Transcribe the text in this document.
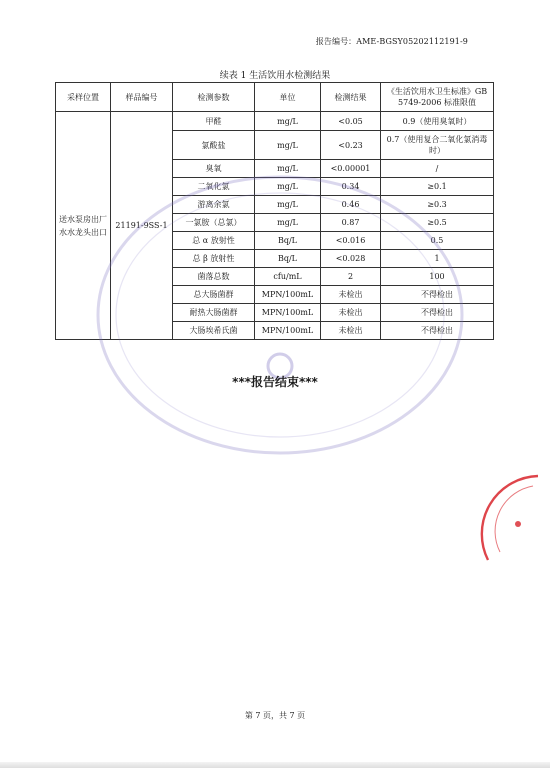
报告编号：AME-BGSY05202112191-9
续表 1 生活饮用水检测结果
采样位置	样品编号	检测参数	单位	检测结果	《生活饮用水卫生标准》GB 5749-2006 标准限值
送水泵房出厂水水龙头出口	21191-9SS-1	甲醛	mg/L	<0.05	0.9（使用臭氧时）
		氯酸盐	mg/L	<0.23	0.7（使用复合二氧化氯消毒时）
		臭氧	mg/L	<0.00001	/
		二氧化氯	mg/L	0.34	≥0.1
		游离余氯	mg/L	0.46	≥0.3
		一氯胺（总氯）	mg/L	0.87	≥0.5
		总 α 放射性	Bq/L	<0.016	0.5
		总 β 放射性	Bq/L	<0.028	1
		菌落总数	cfu/mL	2	100
		总大肠菌群	MPN/100mL	未检出	不得检出
		耐热大肠菌群	MPN/100mL	未检出	不得检出
		大肠埃希氏菌	MPN/100mL	未检出	不得检出
***报告结束***
第 7 页，共 7 页
